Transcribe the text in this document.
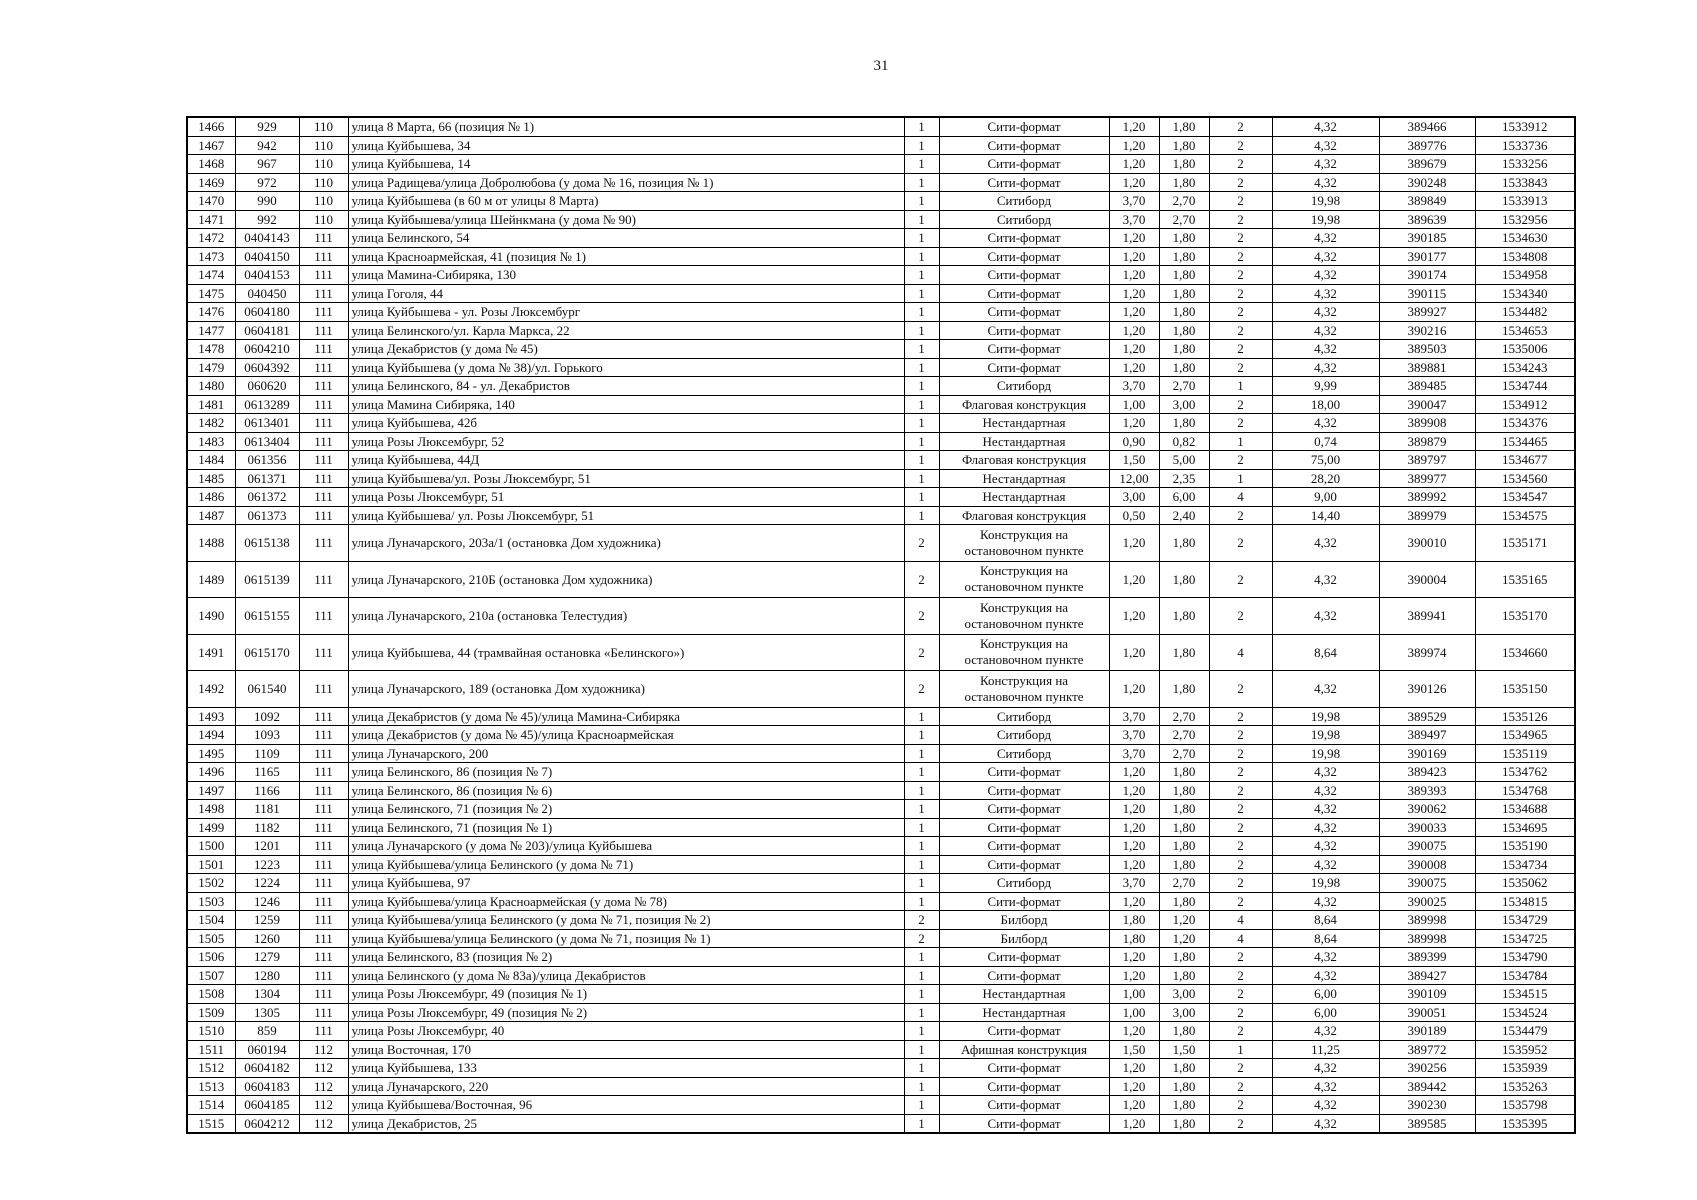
31
1466	929	110	улица 8 Марта, 66 (позиция № 1)	1	Сити-формат	1,20	1,80	2	4,32	389466	1533912
1467	942	110	улица Куйбышева, 34	1	Сити-формат	1,20	1,80	2	4,32	389776	1533736
1468	967	110	улица Куйбышева, 14	1	Сити-формат	1,20	1,80	2	4,32	389679	1533256
1469	972	110	улица Радищева/улица Добролюбова (у дома № 16, позиция № 1)	1	Сити-формат	1,20	1,80	2	4,32	390248	1533843
1470	990	110	улица Куйбышева (в 60 м от улицы 8 Марта)	1	Ситиборд	3,70	2,70	2	19,98	389849	1533913
1471	992	110	улица Куйбышева/улица Шейнкмана (у дома № 90)	1	Ситиборд	3,70	2,70	2	19,98	389639	1532956
1472	0404143	111	улица Белинского, 54	1	Сити-формат	1,20	1,80	2	4,32	390185	1534630
1473	0404150	111	улица Красноармейская, 41 (позиция № 1)	1	Сити-формат	1,20	1,80	2	4,32	390177	1534808
1474	0404153	111	улица Мамина-Сибиряка, 130	1	Сити-формат	1,20	1,80	2	4,32	390174	1534958
1475	040450	111	улица Гоголя, 44	1	Сити-формат	1,20	1,80	2	4,32	390115	1534340
1476	0604180	111	улица Куйбышева - ул. Розы Люксембург	1	Сити-формат	1,20	1,80	2	4,32	389927	1534482
1477	0604181	111	улица Белинского/ул. Карла Маркса, 22	1	Сити-формат	1,20	1,80	2	4,32	390216	1534653
1478	0604210	111	улица Декабристов (у дома № 45)	1	Сити-формат	1,20	1,80	2	4,32	389503	1535006
1479	0604392	111	улица Куйбышева (у дома № 38)/ул. Горького	1	Сити-формат	1,20	1,80	2	4,32	389881	1534243
1480	060620	111	улица Белинского, 84 - ул. Декабристов	1	Ситиборд	3,70	2,70	1	9,99	389485	1534744
1481	0613289	111	улица Мамина Сибиряка, 140	1	Флаговая конструкция	1,00	3,00	2	18,00	390047	1534912
1482	0613401	111	улица Куйбышева, 42б	1	Нестандартная	1,20	1,80	2	4,32	389908	1534376
1483	0613404	111	улица Розы Люксембург, 52	1	Нестандартная	0,90	0,82	1	0,74	389879	1534465
1484	061356	111	улица Куйбышева, 44Д	1	Флаговая конструкция	1,50	5,00	2	75,00	389797	1534677
1485	061371	111	улица Куйбышева/ул. Розы Люксембург, 51	1	Нестандартная	12,00	2,35	1	28,20	389977	1534560
1486	061372	111	улица Розы Люксембург, 51	1	Нестандартная	3,00	6,00	4	9,00	389992	1534547
1487	061373	111	улица Куйбышева/ ул. Розы Люксембург, 51	1	Флаговая конструкция	0,50	2,40	2	14,40	389979	1534575
1488	0615138	111	улица Луначарского, 203а/1 (остановка Дом художника)	2	Конструкция на остановочном пункте	1,20	1,80	2	4,32	390010	1535171
1489	0615139	111	улица Луначарского, 210Б (остановка Дом художника)	2	Конструкция на остановочном пункте	1,20	1,80	2	4,32	390004	1535165
1490	0615155	111	улица Луначарского, 210а (остановка Телестудия)	2	Конструкция на остановочном пункте	1,20	1,80	2	4,32	389941	1535170
1491	0615170	111	улица Куйбышева, 44 (трамвайная остановка «Белинского»)	2	Конструкция на остановочном пункте	1,20	1,80	4	8,64	389974	1534660
1492	061540	111	улица Луначарского, 189 (остановка Дом художника)	2	Конструкция на остановочном пункте	1,20	1,80	2	4,32	390126	1535150
1493	1092	111	улица Декабристов (у дома № 45)/улица Мамина-Сибиряка	1	Ситиборд	3,70	2,70	2	19,98	389529	1535126
1494	1093	111	улица Декабристов (у дома № 45)/улица Красноармейская	1	Ситиборд	3,70	2,70	2	19,98	389497	1534965
1495	1109	111	улица Луначарского, 200	1	Ситиборд	3,70	2,70	2	19,98	390169	1535119
1496	1165	111	улица Белинского, 86 (позиция № 7)	1	Сити-формат	1,20	1,80	2	4,32	389423	1534762
1497	1166	111	улица Белинского, 86 (позиция № 6)	1	Сити-формат	1,20	1,80	2	4,32	389393	1534768
1498	1181	111	улица Белинского, 71 (позиция № 2)	1	Сити-формат	1,20	1,80	2	4,32	390062	1534688
1499	1182	111	улица Белинского, 71 (позиция № 1)	1	Сити-формат	1,20	1,80	2	4,32	390033	1534695
1500	1201	111	улица Луначарского (у дома № 203)/улица Куйбышева	1	Сити-формат	1,20	1,80	2	4,32	390075	1535190
1501	1223	111	улица Куйбышева/улица Белинского (у дома № 71)	1	Сити-формат	1,20	1,80	2	4,32	390008	1534734
1502	1224	111	улица Куйбышева, 97	1	Ситиборд	3,70	2,70	2	19,98	390075	1535062
1503	1246	111	улица Куйбышева/улица Красноармейская (у дома № 78)	1	Сити-формат	1,20	1,80	2	4,32	390025	1534815
1504	1259	111	улица Куйбышева/улица Белинского (у дома № 71, позиция № 2)	2	Билборд	1,80	1,20	4	8,64	389998	1534729
1505	1260	111	улица Куйбышева/улица Белинского (у дома № 71, позиция № 1)	2	Билборд	1,80	1,20	4	8,64	389998	1534725
1506	1279	111	улица Белинского, 83 (позиция № 2)	1	Сити-формат	1,20	1,80	2	4,32	389399	1534790
1507	1280	111	улица Белинского (у дома № 83а)/улица Декабристов	1	Сити-формат	1,20	1,80	2	4,32	389427	1534784
1508	1304	111	улица Розы Люксембург, 49 (позиция № 1)	1	Нестандартная	1,00	3,00	2	6,00	390109	1534515
1509	1305	111	улица Розы Люксембург, 49 (позиция № 2)	1	Нестандартная	1,00	3,00	2	6,00	390051	1534524
1510	859	111	улица Розы Люксембург, 40	1	Сити-формат	1,20	1,80	2	4,32	390189	1534479
1511	060194	112	улица Восточная, 170	1	Афишная конструкция	1,50	1,50	1	11,25	389772	1535952
1512	0604182	112	улица Куйбышева, 133	1	Сити-формат	1,20	1,80	2	4,32	390256	1535939
1513	0604183	112	улица Луначарского, 220	1	Сити-формат	1,20	1,80	2	4,32	389442	1535263
1514	0604185	112	улица Куйбышева/Восточная, 96	1	Сити-формат	1,20	1,80	2	4,32	390230	1535798
1515	0604212	112	улица Декабристов, 25	1	Сити-формат	1,20	1,80	2	4,32	389585	1535395
